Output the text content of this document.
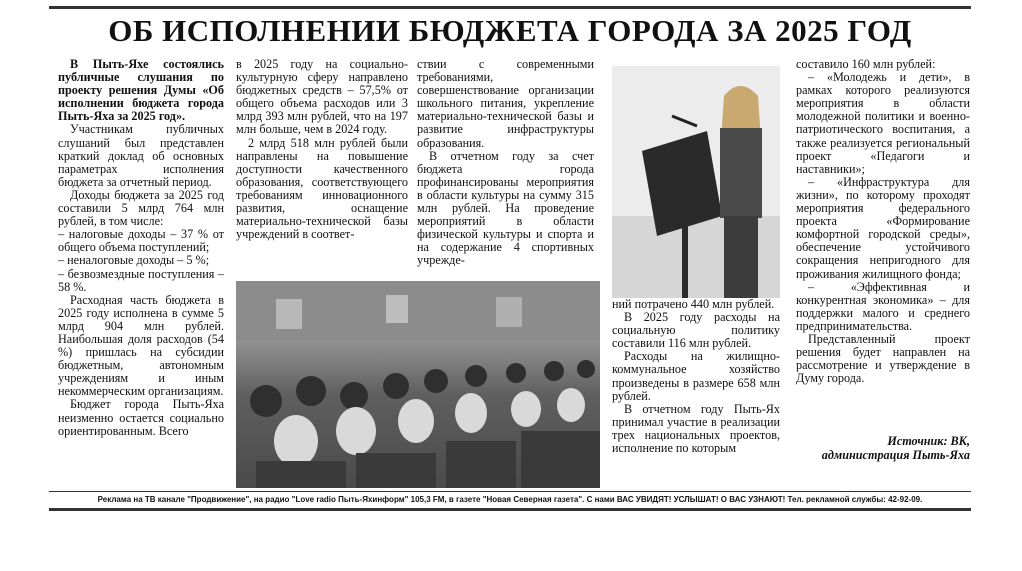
ОБ ИСПОЛНЕНИИ БЮДЖЕТА ГОРОДА ЗА 2025 ГОД

В Пыть-Яхе состоялись публичные слушания по проекту решения Думы «Об исполнении бюджета города Пыть-Яха за 2025 год».

Участникам публичных слушаний был представлен краткий доклад об основных параметрах исполнения бюджета за отчетный период.

Доходы бюджета за 2025 год составили 5 млрд 764 млн рублей, в том числе:

– налоговые доходы – 37 % от общего объема поступлений;

– неналоговые доходы – 5 %;

– безвозмездные поступления – 58 %.

Расходная часть бюджета в 2025 году исполнена в сумме 5 млрд 904 млн рублей. Наибольшая доля расходов (54 %) пришлась на субсидии бюджетным, автономным учреждениям и иным некоммерческим организациям.

Бюджет города Пыть-Яха неизменно остается социально ориентированным. Всего

в 2025 году на социально-культурную сферу направлено бюджетных средств – 57,5% от общего объема расходов или 3 млрд 393 млн рублей, что на 197 млн больше, чем в 2024 году.

2 млрд 518 млн рублей были направлены на повышение доступности качественного образования, соответствующего требованиям инновационного развития, оснащение материально-технической базы учреждений в соответ-

ствии с современными требованиями, совершенствование организации школьного питания, укрепление материально-технической базы и развитие инфраструктуры образования.

В отчетном году за счет бюджета города профинансированы мероприятия в области культуры на сумму 315 млн рублей. На проведение мероприятий в области физической культуры и спорта и на содержание 4 спортивных учрежде-

ний потрачено 440 млн рублей.

В 2025 году расходы на социальную политику составили 116 млн рублей.

Расходы на жилищно-коммунальное хозяйство произведены в размере 658 млн рублей.

В отчетном году Пыть-Ях принимал участие в реализации трех национальных проектов, исполнение по которым

составило 160 млн рублей:

– «Молодежь и дети», в рамках которого реализуются мероприятия в области молодежной политики и военно-патриотического воспитания, а также реализуется региональный проект «Педагоги и наставники»;

– «Инфраструктура для жизни», по которому проходят мероприятия федерального проекта «Формирование комфортной городской среды», обеспечение устойчивого сокращения непригодного для проживания жилищного фонда;

– «Эффективная и конкурентная экономика» – для поддержки малого и среднего предпринимательства.

Представленный проект решения будет направлен на рассмотрение и утверждение в Думу города.

Источник: ВК,
администрация Пыть-Яха
Реклама на ТВ канале "Продвижение", на радио "Love radio Пыть-Яхинформ" 105,3 FM, в газете "Новая Северная газета". С нами ВАС УВИДЯТ! УСЛЫШАТ! О ВАС УЗНАЮТ! Тел. рекламной службы: 42-92-09.
